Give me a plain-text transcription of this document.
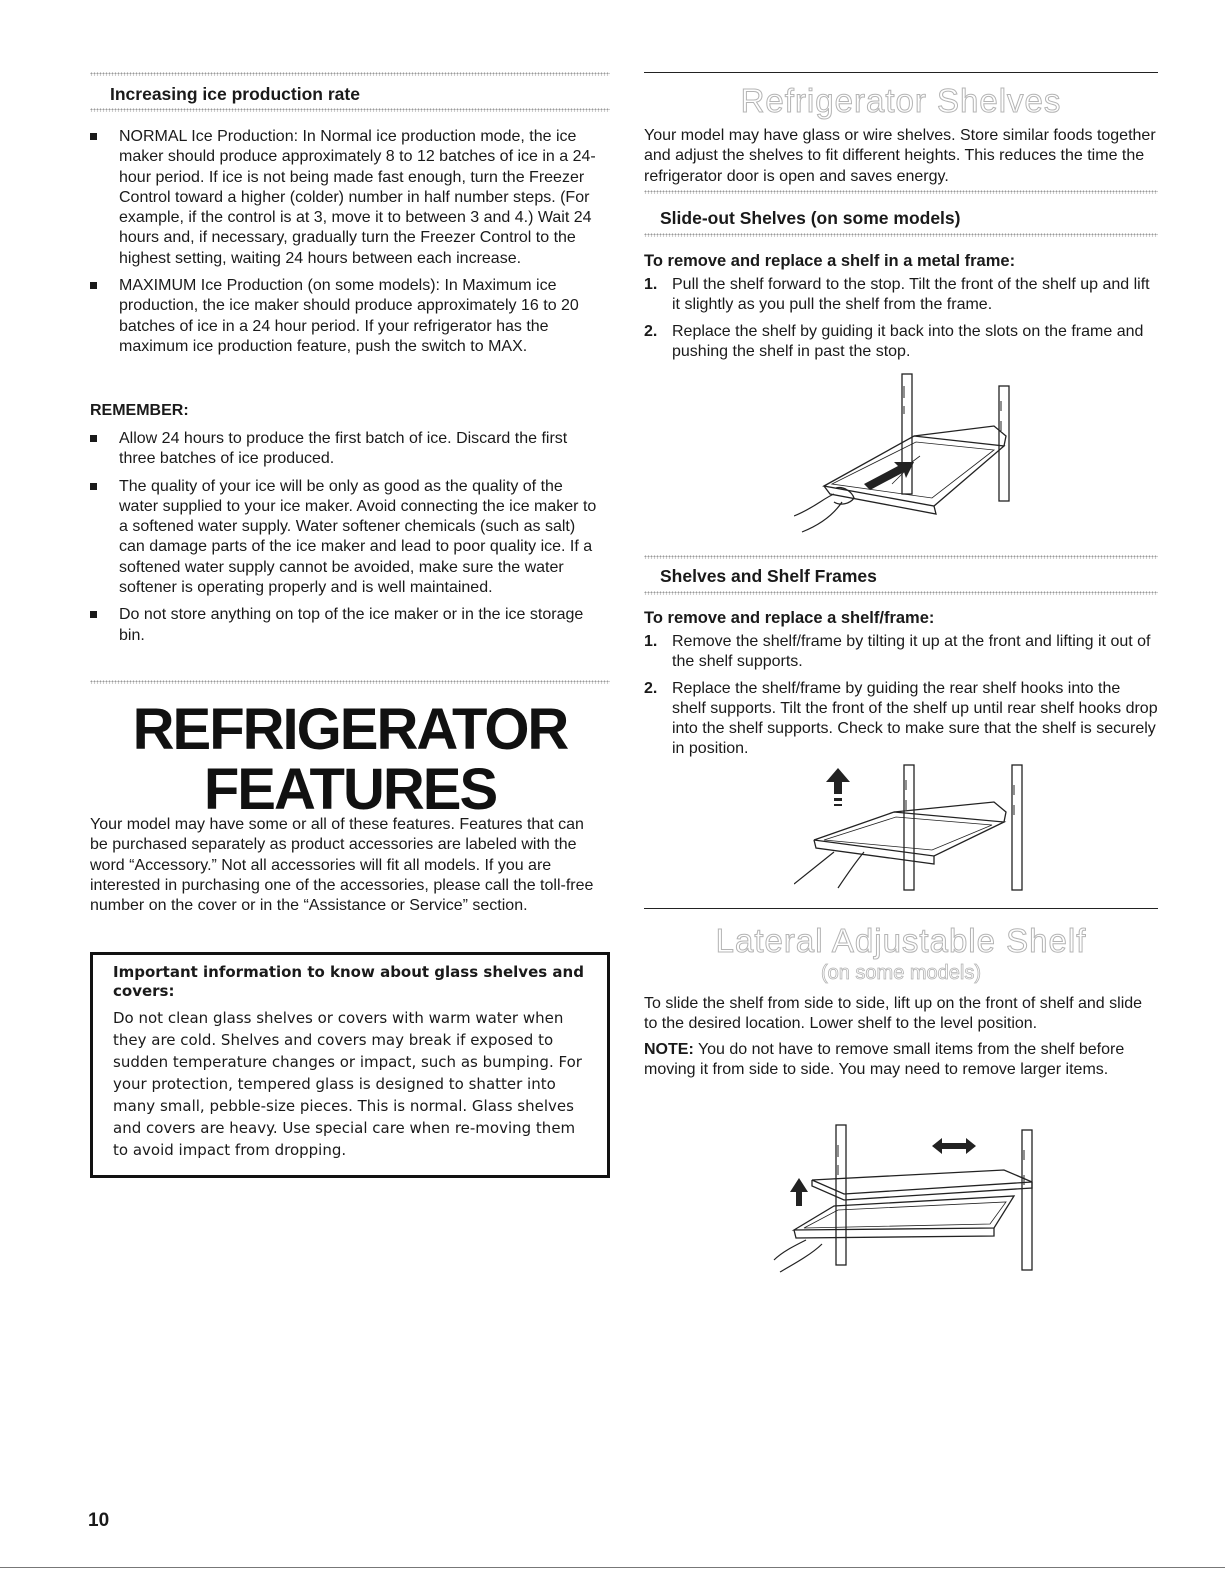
Increasing ice production rate
NORMAL Ice Production: In Normal ice production mode, the ice maker should produce approximately 8 to 12 batches of ice in a 24-hour period. If ice is not being made fast enough, turn the Freezer Control toward a higher (colder) number in half number steps. (For example, if the control is at 3, move it to between 3 and 4.) Wait 24 hours and, if necessary, gradually turn the Freezer Control to the highest setting, waiting 24 hours between each increase.
MAXIMUM Ice Production (on some models): In Maximum ice production, the ice maker should produce approximately 16 to 20 batches of ice in a 24 hour period. If your refrigerator has the maximum ice production feature, push the switch to MAX.
REMEMBER:
Allow 24 hours to produce the first batch of ice. Discard the first three batches of ice produced.
The quality of your ice will be only as good as the quality of the water supplied to your ice maker. Avoid connecting the ice maker to a softened water supply. Water softener chemicals (such as salt) can damage parts of the ice maker and lead to poor quality ice. If a softened water supply cannot be avoided, make sure the water softener is operating properly and is well maintained.
Do not store anything on top of the ice maker or in the ice storage bin.
REFRIGERATOR
FEATURES

Your model may have some or all of these features. Features that can be purchased separately as product accessories are labeled with the word “Accessory.” Not all accessories will fit all models. If you are interested in purchasing one of the accessories, please call the toll-free number on the cover or in the “Assistance or Service” section.

Important information to know about glass shelves and covers:

Do not clean glass shelves or covers with warm water when they are cold. Shelves and covers may break if exposed to sudden temperature changes or impact, such as bumping. For your protection, tempered glass is designed to shatter into many small, pebble-size pieces. This is normal. Glass shelves and covers are heavy. Use special care when re-moving them to avoid impact from dropping.

Refrigerator Shelves

Your model may have glass or wire shelves. Store similar foods together and adjust the shelves to fit different heights. This reduces the time the refrigerator door is open and saves energy.

Slide-out Shelves (on some models)
To remove and replace a shelf in a metal frame:
1. Pull the shelf forward to the stop. Tilt the front of the shelf up and lift it slightly as you pull the shelf from the frame.
2. Replace the shelf by guiding it back into the slots on the frame and pushing the shelf in past the stop.
Shelves and Shelf Frames
To remove and replace a shelf/frame:
1. Remove the shelf/frame by tilting it up at the front and lifting it out of the shelf supports.
2. Replace the shelf/frame by guiding the rear shelf hooks into the shelf supports. Tilt the front of the shelf up until rear shelf hooks drop into the shelf supports. Check to make sure that the shelf is securely in position.
Lateral Adjustable Shelf
(on some models)

To slide the shelf from side to side, lift up on the front of shelf and slide to the desired location. Lower shelf to the level position.

NOTE: You do not have to remove small items from the shelf before moving it from side to side. You may need to remove larger items.

10
